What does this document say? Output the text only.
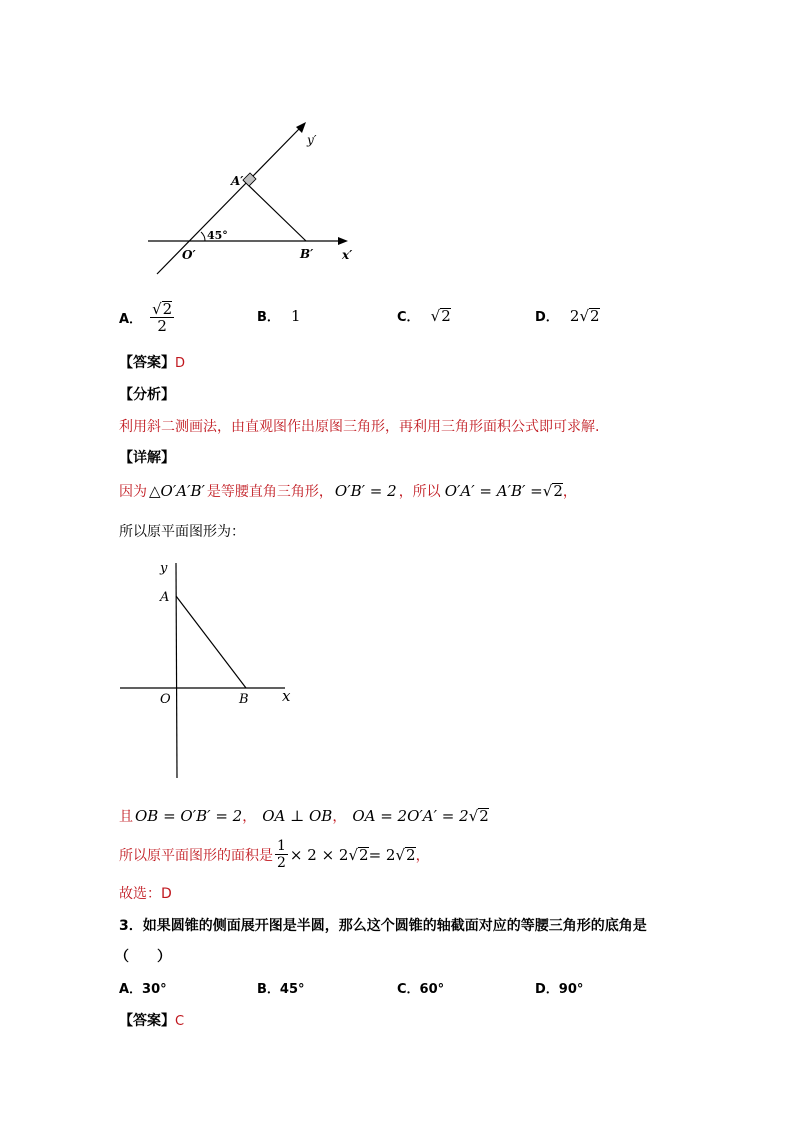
y′
A′
45°
O′	B′ x′
A． $\frac{√2}{2}$	B． 1	C． √2	D． 2√2
【答案】D
【分析】
利用斜二测画法，由直观图作出原图三角形，再利用三角形面积公式即可求解.
【详解】
因为 △O′A′B′ 是等腰直角三角形， O′B′ = 2 ，所以 O′A′ = A′B′ = √2 ，
所以原平面图形为：
y
A
O	B x
且 OB = O′B′ = 2 ， OA ⊥ OB ， OA = 2O′A′ = 2 √2
所以原平面图形的面积是 $\frac{1}{2} \times 2 \times 2$ √2 = 2 √2 ，
故选：D
3．如果圆锥的侧面展开图是半圆，那么这个圆锥的轴截面对应的等腰三角形的底角是
（　　）
A．30°	B．45°	C．60°	D．90°
【答案】C
